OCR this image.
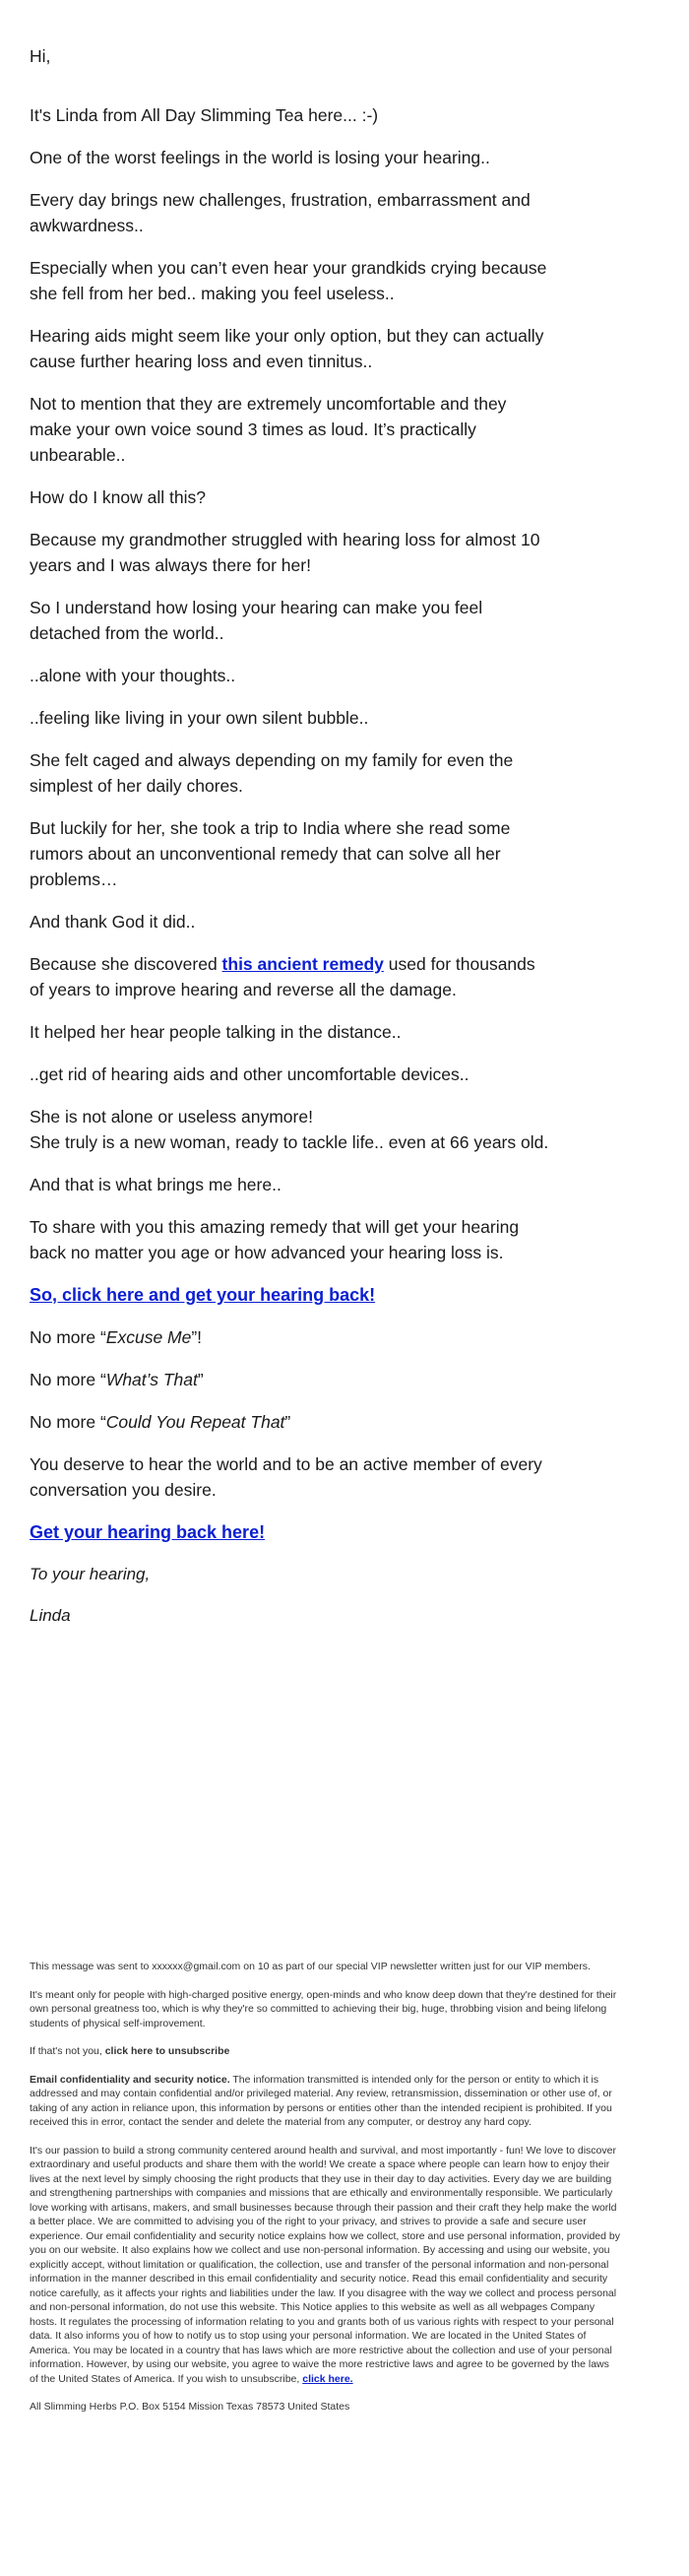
Hi,

It's Linda from All Day Slimming Tea here... :-)

One of the worst feelings in the world is losing your hearing..

Every day brings new challenges, frustration, embarrassment and awkwardness..

Especially when you can’t even hear your grandkids crying because she fell from her bed.. making you feel useless..

Hearing aids might seem like your only option, but they can actually cause further hearing loss and even tinnitus..

Not to mention that they are extremely uncomfortable and they make your own voice sound 3 times as loud. It’s practically unbearable..

How do I know all this?

Because my grandmother struggled with hearing loss for almost 10 years and I was always there for her!

So I understand how losing your hearing can make you feel detached from the world..

..alone with your thoughts..

..feeling like living in your own silent bubble..

She felt caged and always depending on my family for even the simplest of her daily chores.

But luckily for her, she took a trip to India where she read some rumors about an unconventional remedy that can solve all her problems…

And thank God it did..

Because she discovered this ancient remedy used for thousands of years to improve hearing and reverse all the damage.

It helped her hear people talking in the distance..

..get rid of hearing aids and other uncomfortable devices..

She is not alone or useless anymore!
She truly is a new woman, ready to tackle life.. even at 66 years old.

And that is what brings me here..

To share with you this amazing remedy that will get your hearing back no matter you age or how advanced your hearing loss is.

So, click here and get your hearing back!

No more “Excuse Me”!

No more “What’s That”

No more “Could You Repeat That”

You deserve to hear the world and to be an active member of every conversation you desire.

Get your hearing back here!

To your hearing,

Linda

This message was sent to xxxxxx@gmail.com on 10 as part of our special VIP newsletter written just for our VIP members.

It's meant only for people with high-charged positive energy, open-minds and who know deep down that they're destined for their own personal greatness too, which is why they're so committed to achieving their big, huge, throbbing vision and being lifelong students of physical self-improvement.

If that's not you, click here to unsubscribe

Email confidentiality and security notice. The information transmitted is intended only for the person or entity to which it is addressed and may contain confidential and/or privileged material. Any review, retransmission, dissemination or other use of, or taking of any action in reliance upon, this information by persons or entities other than the intended recipient is prohibited. If you received this in error, contact the sender and delete the material from any computer, or destroy any hard copy.

It's our passion to build a strong community centered around health and survival, and most importantly - fun! We love to discover extraordinary and useful products and share them with the world! We create a space where people can learn how to enjoy their lives at the next level by simply choosing the right products that they use in their day to day activities. Every day we are building and strengthening partnerships with companies and missions that are ethically and environmentally responsible. We particularly love working with artisans, makers, and small businesses because through their passion and their craft they help make the world a better place. We are committed to advising you of the right to your privacy, and strives to provide a safe and secure user experience. Our email confidentiality and security notice explains how we collect, store and use personal information, provided by you on our website. It also explains how we collect and use non-personal information. By accessing and using our website, you explicitly accept, without limitation or qualification, the collection, use and transfer of the personal information and non-personal information in the manner described in this email confidentiality and security notice. Read this email confidentiality and security notice carefully, as it affects your rights and liabilities under the law. If you disagree with the way we collect and process personal and non-personal information, do not use this website. This Notice applies to this website as well as all webpages Company hosts. It regulates the processing of information relating to you and grants both of us various rights with respect to your personal data. It also informs you of how to notify us to stop using your personal information. We are located in the United States of America. You may be located in a country that has laws which are more restrictive about the collection and use of your personal information. However, by using our website, you agree to waive the more restrictive laws and agree to be governed by the laws of the United States of America. If you wish to unsubscribe, click here.

All Slimming Herbs P.O. Box 5154 Mission Texas 78573 United States
